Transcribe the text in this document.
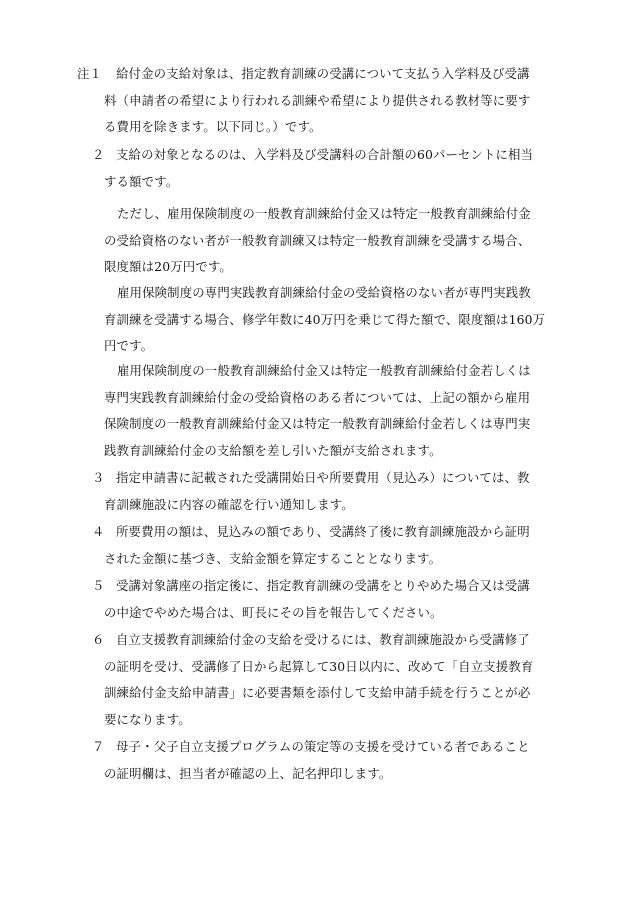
注１ 給付金の支給対象は、指定教育訓練の受講について支払う入学料及び受講
料（申請者の希望により行われる訓練や希望により提供される教材等に要す
る費用を除きます。以下同じ。）です。
２ 支給の対象となるのは、入学料及び受講料の合計額の60パーセントに相当
する額です。
ただし、雇用保険制度の一般教育訓練給付金又は特定一般教育訓練給付金
の受給資格のない者が一般教育訓練又は特定一般教育訓練を受講する場合、
限度額は20万円です。
雇用保険制度の専門実践教育訓練給付金の受給資格のない者が専門実践教
育訓練を受講する場合、修学年数に40万円を乗じて得た額で、限度額は160万
円です。
雇用保険制度の一般教育訓練給付金又は特定一般教育訓練給付金若しくは
専門実践教育訓練給付金の受給資格のある者については、上記の額から雇用
保険制度の一般教育訓練給付金又は特定一般教育訓練給付金若しくは専門実
践教育訓練給付金の支給額を差し引いた額が支給されます。
３ 指定申請書に記載された受講開始日や所要費用（見込み）については、教
育訓練施設に内容の確認を行い通知します。
４ 所要費用の額は、見込みの額であり、受講終了後に教育訓練施設から証明
された金額に基づき、支給金額を算定することとなります。
５ 受講対象講座の指定後に、指定教育訓練の受講をとりやめた場合又は受講
の中途でやめた場合は、町長にその旨を報告してください。
６ 自立支援教育訓練給付金の支給を受けるには、教育訓練施設から受講修了
の証明を受け、受講修了日から起算して30日以内に、改めて「自立支援教育
訓練給付金支給申請書」に必要書類を添付して支給申請手続を行うことが必
要になります。
７ 母子・父子自立支援プログラムの策定等の支援を受けている者であること
の証明欄は、担当者が確認の上、記名押印します。
